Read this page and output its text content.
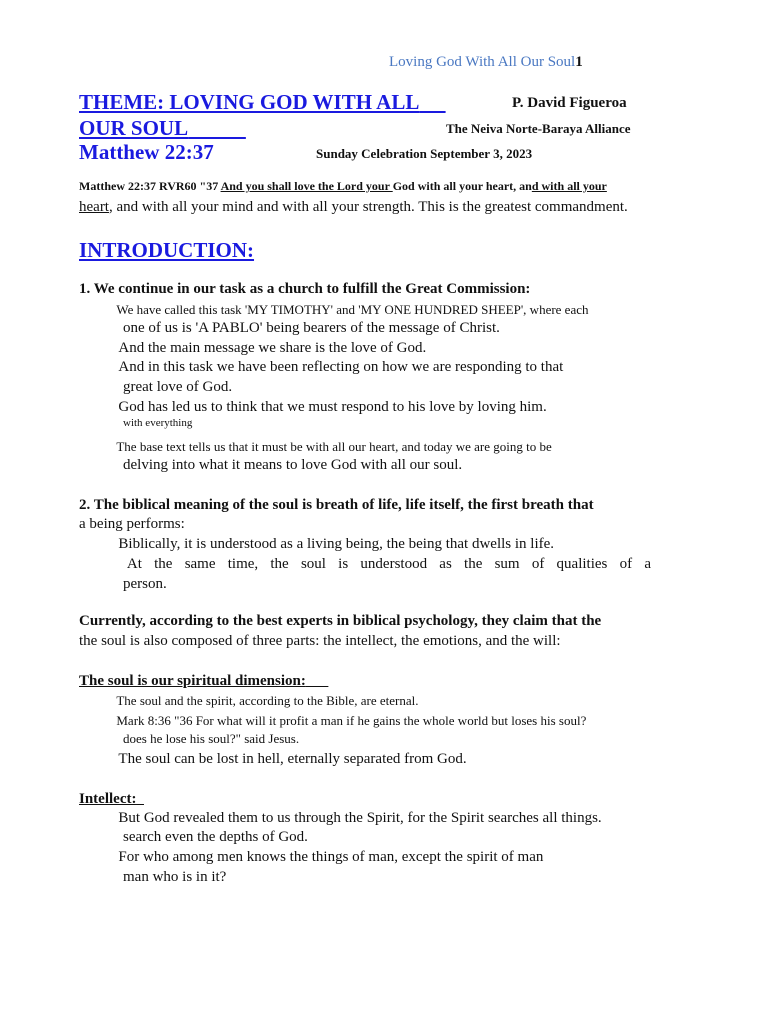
Loving God With All Our Soul1
THEME: LOVING GOD WITH ALL
OUR SOUL
Matthew 22:37
P. David Figueroa
The Neiva Norte-Baraya Alliance
Sunday Celebration September 3, 2023
Matthew 22:37 RVR60 "37 And you shall love the Lord your God with all your heart, and with all your
heart, and with all your mind and with all your strength. This is the greatest commandment.
INTRODUCTION:
1. We continue in our task as a church to fulfill the Great Commission:
We have called this task 'MY TIMOTHY' and 'MY ONE HUNDRED SHEEP', where each
one of us is 'A PABLO' being bearers of the message of Christ.
And the main message we share is the love of God.
And in this task we have been reflecting on how we are responding to that
great love of God.
God has led us to think that we must respond to his love by loving him.
with everything
The base text tells us that it must be with all our heart, and today we are going to be
delving into what it means to love God with all our soul.
2. The biblical meaning of the soul is breath of life, life itself, the first breath that
a being performs:
Biblically, it is understood as a living being, the being that dwells in life.
At the same time, the soul is understood as the sum of qualities of a
person.
Currently, according to the best experts in biblical psychology, they claim that the
the soul is also composed of three parts: the intellect, the emotions, and the will:
The soul is our spiritual dimension:
The soul and the spirit, according to the Bible, are eternal.
Mark 8:36 "36 For what will it profit a man if he gains the whole world but loses his soul?
does he lose his soul?" said Jesus.
The soul can be lost in hell, eternally separated from God.
Intellect:
But God revealed them to us through the Spirit, for the Spirit searches all things.
search even the depths of God.
For who among men knows the things of man, except the spirit of man
man who is in it?
